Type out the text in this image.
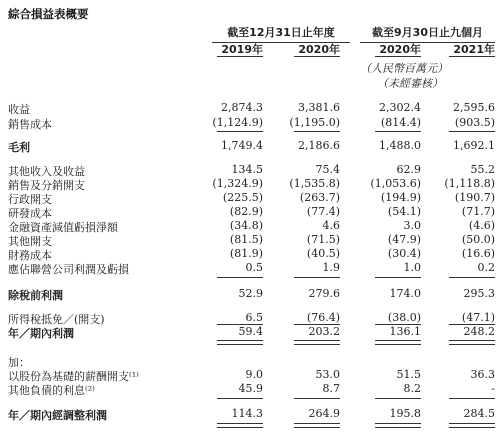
綜合損益表概要
截至12月31日止年度	截至9月30日止九個月
2019年	2020年	2020年	2021年
（人民幣百萬元）
（未經審核）
收益	2,874.3	3,381.6	2,302.4	2,595.6
銷售成本	(1,124.9)	(1,195.0)	(814.4)	(903.5)
毛利	1,749.4	2,186.6	1,488.0	1,692.1
其他收入及收益	134.5	75.4	62.9	55.2
銷售及分銷開支	(1,324.9)	(1,535.8)	(1,053.6)	(1,118.8)
行政開支	(225.5)	(263.7)	(194.9)	(190.7)
研發成本	(82.9)	(77.4)	(54.1)	(71.7)
金融資產減值虧損淨額	(34.8)	4.6	3.0	(4.6)
其他開支	(81.5)	(71.5)	(47.9)	(50.0)
財務成本	(81.9)	(40.5)	(30.4)	(16.6)
應佔聯營公司利潤及虧損	0.5	1.9	1.0	0.2
除稅前利潤	52.9	279.6	174.0	295.3
所得稅抵免／(開支)	6.5	(76.4)	(38.0)	(47.1)
年／期內利潤	59.4	203.2	136.1	248.2
加：
以股份為基礎的薪酬開支⁽¹⁾	9.0	53.0	51.5	36.3
其他負債的利息⁽²⁾	45.9	8.7	8.2	-
年／期內經調整利潤	114.3	264.9	195.8	284.5
